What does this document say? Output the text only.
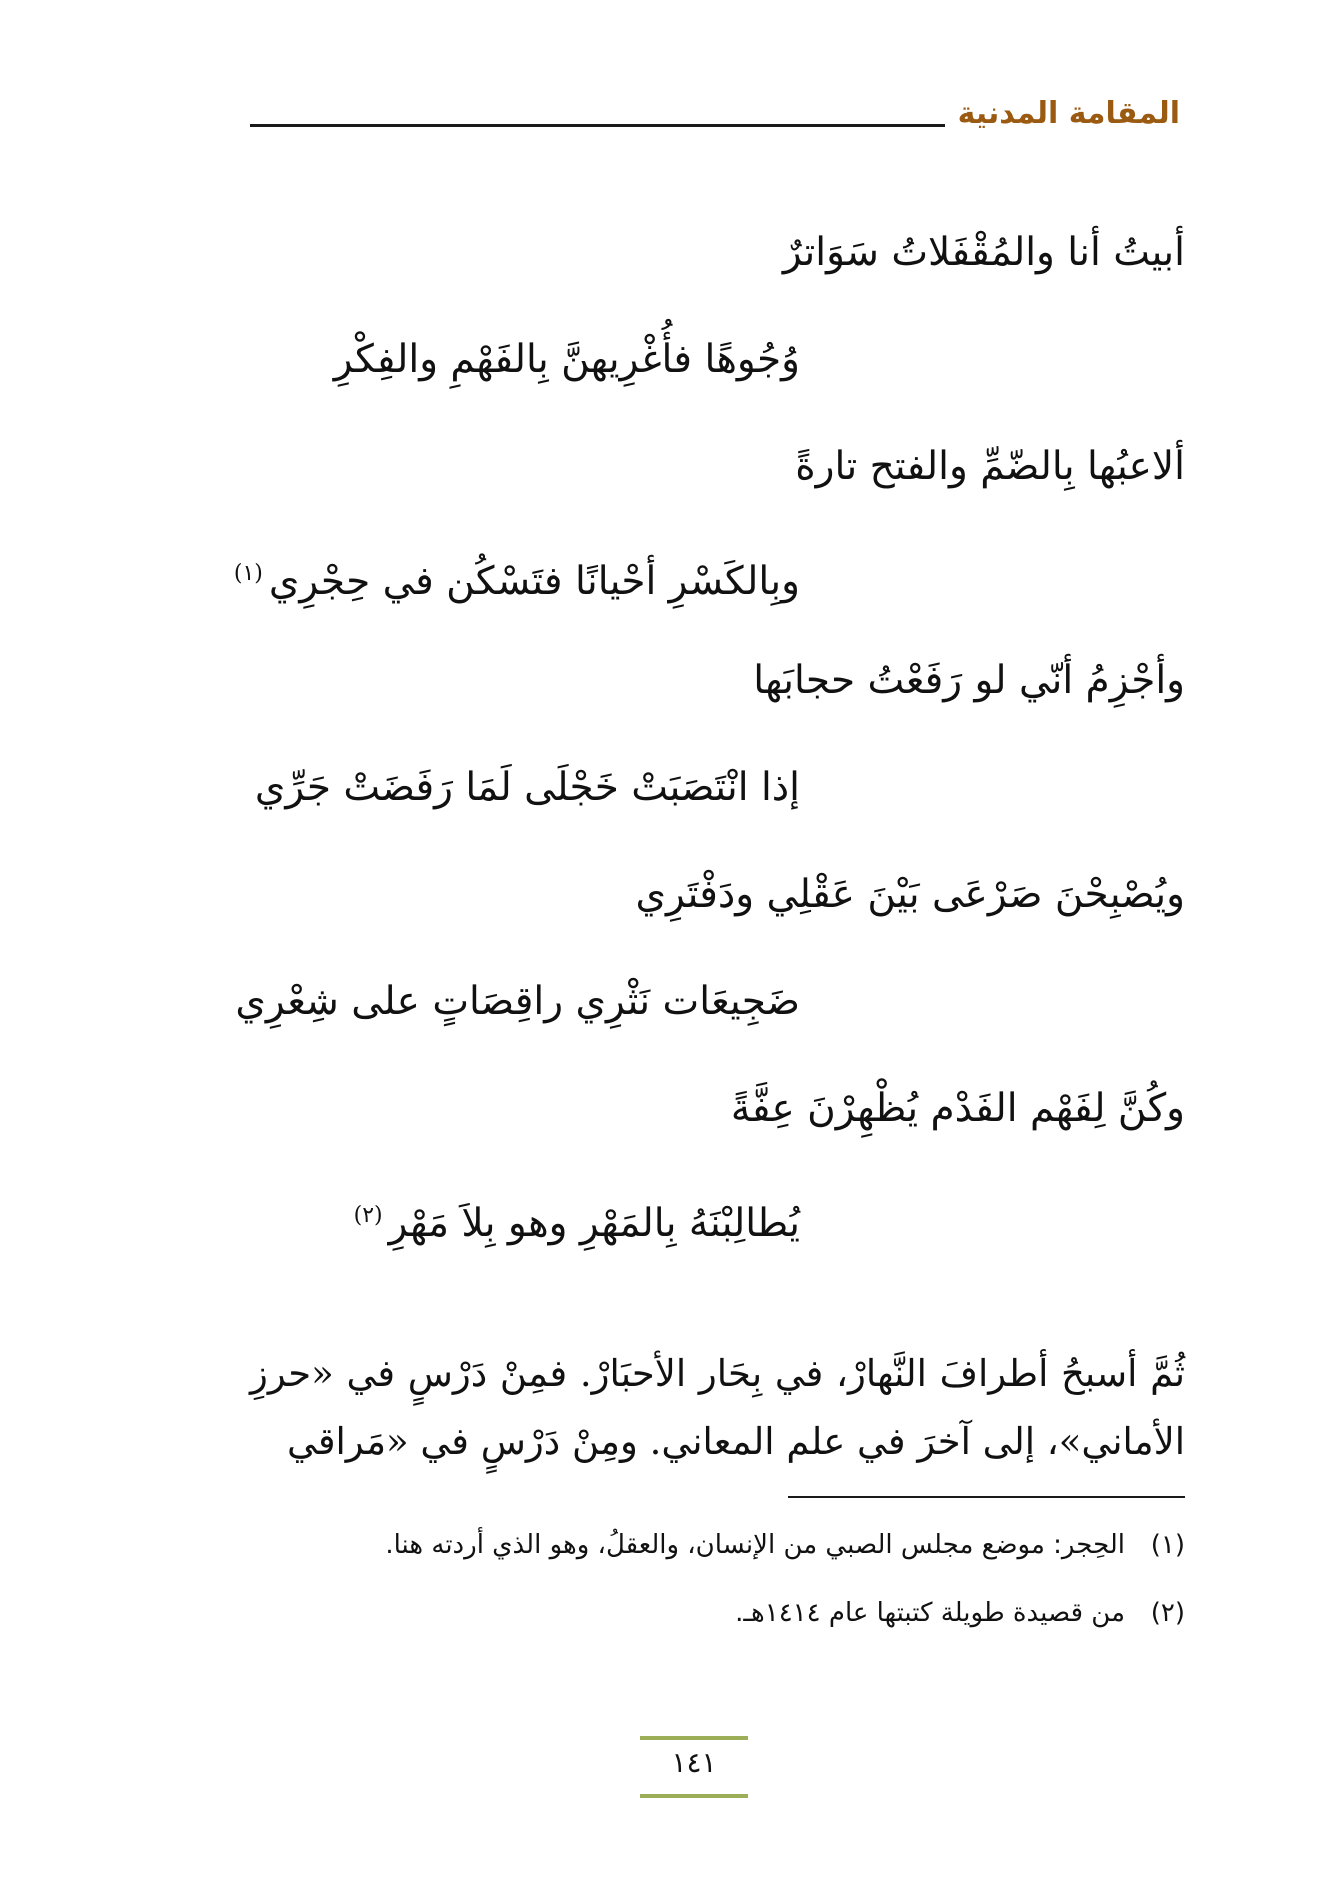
المقامة المدنية
أبيتُ أنا والمُقْفَلاتُ سَوَاترٌ
وُجُوهًا فأُغْرِيهنَّ بِالفَهْمِ والفِكْرِ
ألاعبُها بِالضّمِّ والفتح تارةً
وبِالكَسْرِ أحْيانًا فتَسْكُن في حِجْرِي$^{(١)}$
وأجْزِمُ أنّي لو رَفَعْتُ حجابَها
إذا انْتَصَبَتْ خَجْلَى لَمَا رَفَضَتْ جَرِّي
ويُصْبِحْنَ صَرْعَى بَيْنَ عَقْلِي ودَفْتَرِي
ضَجِيعَات نَثْرِي راقِصَاتٍ على شِعْرِي
وكُنَّ لِفَهْم الفَدْم يُظْهِرْنَ عِفَّةً
يُطالِبْنَهُ بِالمَهْرِ وهو بِلاَ مَهْرِ$^{(٢)}$

ثُمَّ أسبحُ أطرافَ النَّهارْ، في بِحَار الأحبَارْ. فمِنْ دَرْسٍ في «حرزِ الأماني»، إلى آخرَ في علم المعاني. ومِنْ دَرْسٍ في «مَراقي

(١)
الحِجر: موضع مجلس الصبي من الإنسان، والعقلُ، وهو الذي أردته هنا.
(٢)
من قصيدة طويلة كتبتها عام ١٤١٤هـ.
١٤١
